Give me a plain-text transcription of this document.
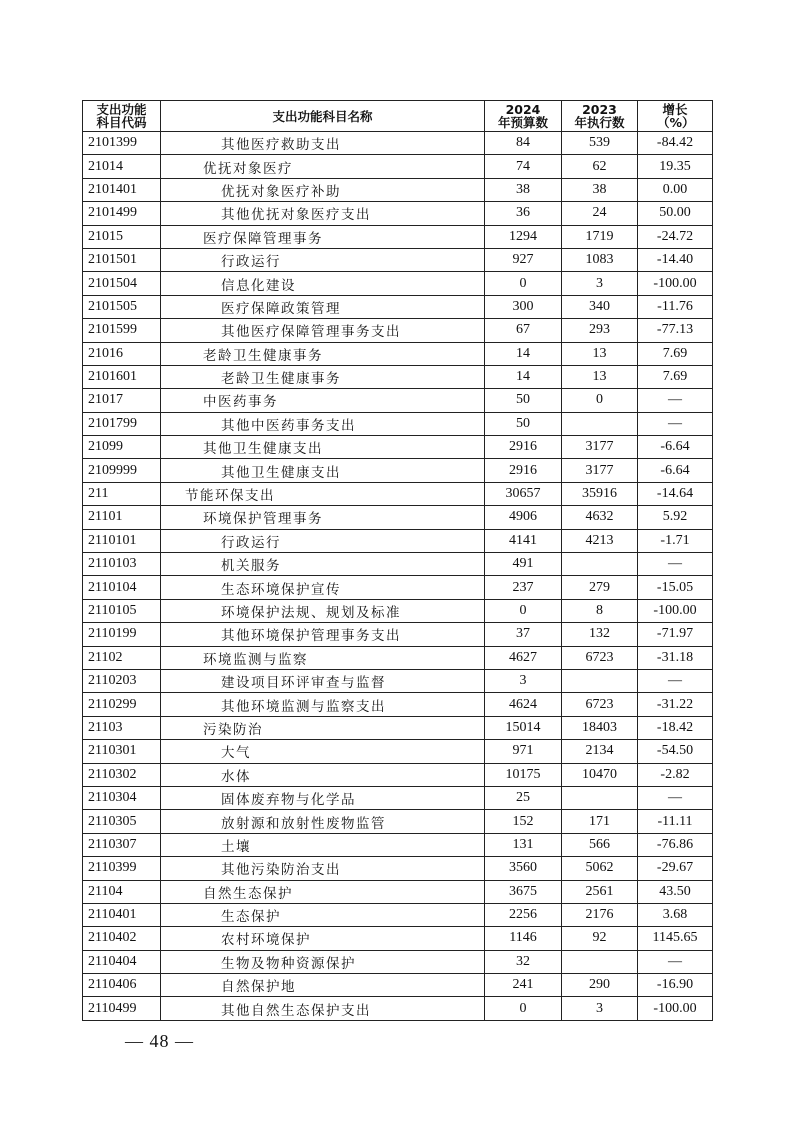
支出功能科目代码	支出功能科目名称	2024 年预算数	2023 年执行数	增长（%）

2101399	其他医疗救助支出	84	539	-84.42
21014	优抚对象医疗	74	62	19.35
2101401	优抚对象医疗补助	38	38	0.00
2101499	其他优抚对象医疗支出	36	24	50.00
21015	医疗保障管理事务	1294	1719	-24.72
2101501	行政运行	927	1083	-14.40
2101504	信息化建设	0	3	-100.00
2101505	医疗保障政策管理	300	340	-11.76
2101599	其他医疗保障管理事务支出	67	293	-77.13
21016	老龄卫生健康事务	14	13	7.69
2101601	老龄卫生健康事务	14	13	7.69
21017	中医药事务	50	0	—
2101799	其他中医药事务支出	50		—
21099	其他卫生健康支出	2916	3177	-6.64
2109999	其他卫生健康支出	2916	3177	-6.64
211	节能环保支出	30657	35916	-14.64
21101	环境保护管理事务	4906	4632	5.92
2110101	行政运行	4141	4213	-1.71
2110103	机关服务	491		—
2110104	生态环境保护宣传	237	279	-15.05
2110105	环境保护法规、规划及标准	0	8	-100.00
2110199	其他环境保护管理事务支出	37	132	-71.97
21102	环境监测与监察	4627	6723	-31.18
2110203	建设项目环评审查与监督	3		—
2110299	其他环境监测与监察支出	4624	6723	-31.22
21103	污染防治	15014	18403	-18.42
2110301	大气	971	2134	-54.50
2110302	水体	10175	10470	-2.82
2110304	固体废弃物与化学品	25		—
2110305	放射源和放射性废物监管	152	171	-11.11
2110307	土壤	131	566	-76.86
2110399	其他污染防治支出	3560	5062	-29.67
21104	自然生态保护	3675	2561	43.50
2110401	生态保护	2256	2176	3.68
2110402	农村环境保护	1146	92	1145.65
2110404	生物及物种资源保护	32		—
2110406	自然保护地	241	290	-16.90
2110499	其他自然生态保护支出	0	3	-100.00
— 48 —
